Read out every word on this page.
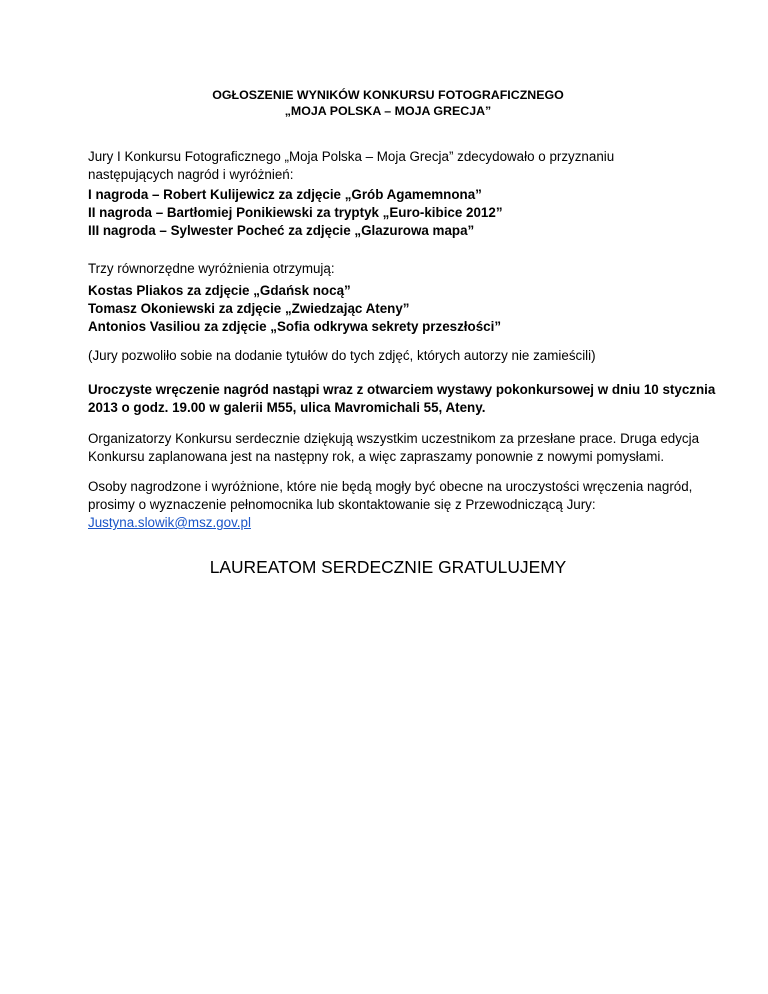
OGŁOSZENIE WYNIKÓW KONKURSU FOTOGRAFICZNEGO
„MOJA POLSKA – MOJA GRECJA”

Jury I Konkursu Fotograficznego „Moja Polska – Moja Grecja” zdecydowało o przyznaniu
następujących nagród i wyróżnień:

I nagroda – Robert Kulijewicz za zdjęcie „Grób Agamemnona”
II nagroda – Bartłomiej Ponikiewski za tryptyk „Euro-kibice 2012”
III nagroda – Sylwester Pocheć za zdjęcie „Glazurowa mapa”

Trzy równorzędne wyróżnienia otrzymują:

Kostas Pliakos za zdjęcie „Gdańsk nocą”
Tomasz Okoniewski za zdjęcie „Zwiedzając Ateny”
Antonios Vasiliou za zdjęcie „Sofia odkrywa sekrety przeszłości”

(Jury pozwoliło sobie na dodanie tytułów do tych zdjęć, których autorzy nie zamieścili)

Uroczyste wręczenie nagród nastąpi wraz z otwarciem wystawy pokonkursowej w dniu 10 stycznia
2013 o godz. 19.00 w galerii M55, ulica Mavromichali 55, Ateny.

Organizatorzy Konkursu serdecznie dziękują wszystkim uczestnikom za przesłane prace. Druga edycja
Konkursu zaplanowana jest na następny rok, a więc zapraszamy ponownie z nowymi pomysłami.

Osoby nagrodzone i wyróżnione, które nie będą mogły być obecne na uroczystości wręczenia nagród,
prosimy o wyznaczenie pełnomocnika lub skontaktowanie się z Przewodniczącą Jury:
Justyna.slowik@msz.gov.pl

LAUREATOM SERDECZNIE GRATULUJEMY
